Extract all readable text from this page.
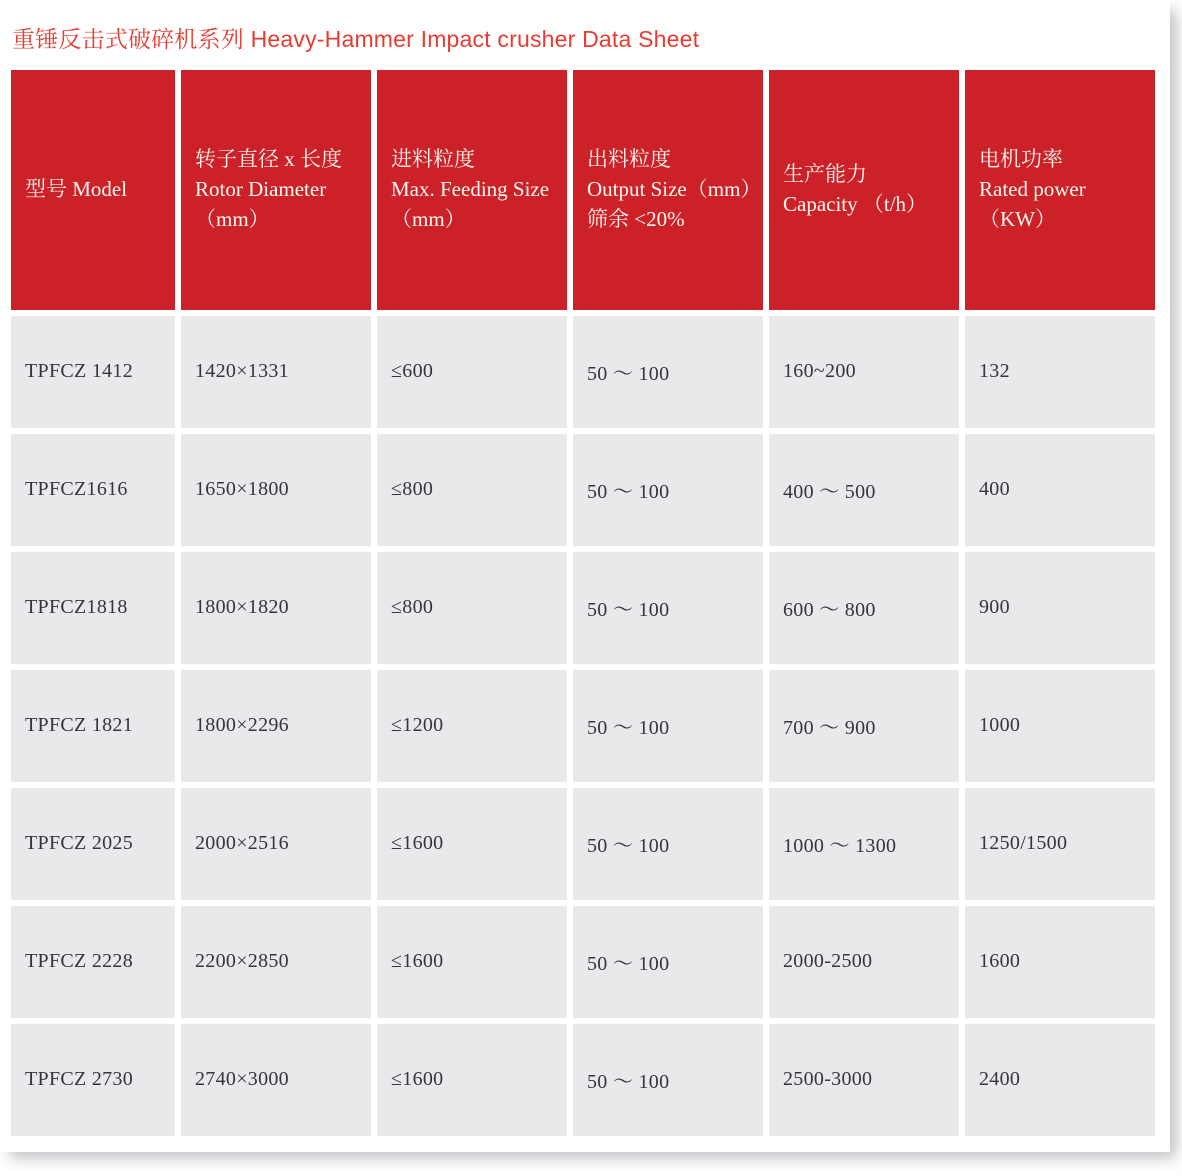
重锤反击式破碎机系列 Heavy-Hammer Impact crusher Data Sheet
型号 Model	转子直径 x 长度
Rotor Diameter
（mm）	进料粒度
Max. Feeding Size
（mm）	出料粒度
Output Size（mm）
筛余 <20%	生产能力
Capacity （t/h）	电机功率
Rated power
（KW）

TPFCZ 1412	1420×1331	≤600	50 ～ 100	160~200	132
TPFCZ1616	1650×1800	≤800	50 ～ 100	400 ～ 500	400
TPFCZ1818	1800×1820	≤800	50 ～ 100	600 ～ 800	900
TPFCZ 1821	1800×2296	≤1200	50 ～ 100	700 ～ 900	1000
TPFCZ 2025	2000×2516	≤1600	50 ～ 100	1000 ～ 1300	1250/1500
TPFCZ 2228	2200×2850	≤1600	50 ～ 100	2000-2500	1600
TPFCZ 2730	2740×3000	≤1600	50 ～ 100	2500-3000	2400
